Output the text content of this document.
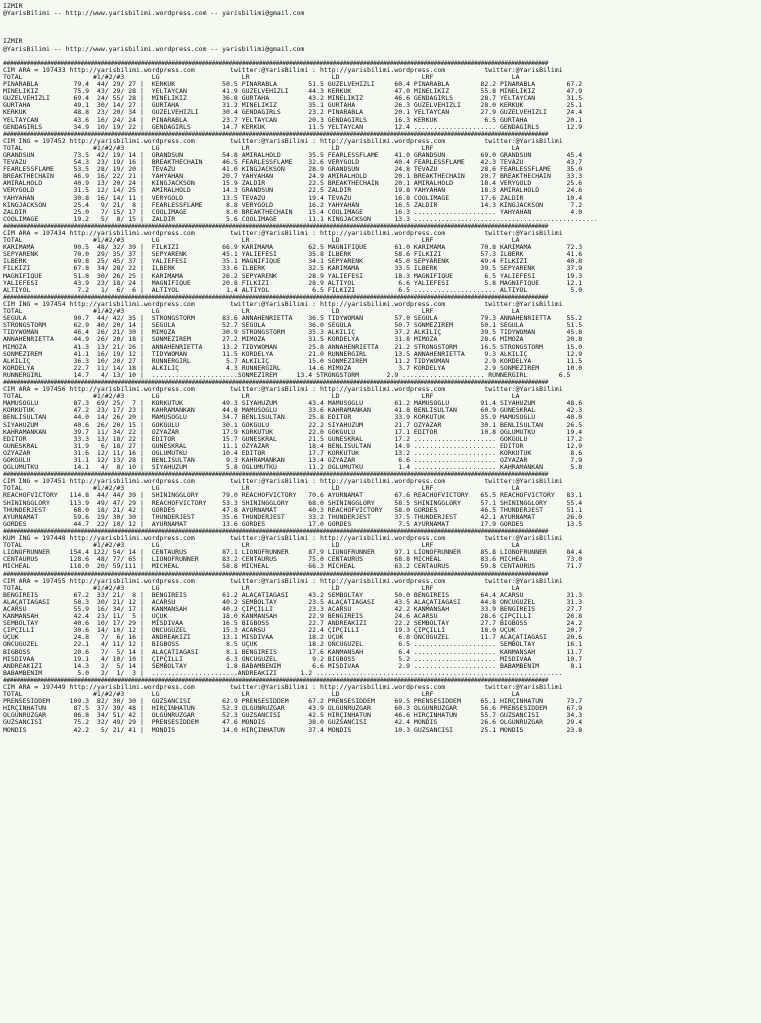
IZMIR
@YarisBilimi -- http://www.yarisbilimi.wordpress.com -- yarisbilimi@gmail.com
IZMIR
@YarisBilimi -- http://www.yarisbilimi.wordpress.com -- yarisbilimi@gmail.com
##################################################################################################################################################################
CIM ARA = 197433 http://yarisbilimi.wordpress.com         twitter:@YarisBilimi : http://yarisbilimi.wordpress.com          twitter:@YarisBilimi
TOTAL                  #1/#2/#3       LG                     LR                     LD                     LRF                    LA
PINARABLA         79.4  44/ 29/ 27 |  KERKÜK            50.5 PINARABLA        51.5 GÜZELVEHIZLI     60.4 PINARABLA        82.2 PINARABLA        67.2
MINELIKIZ         75.9  43/ 29/ 28 |  YELTAYCAN         41.9 GÜZELVEHIZLI     44.3 KERKÜK           47.0 MINELIKIZ        55.8 MINELIKIZ        47.9
GÜZELVEHIZLI      69.4  24/ 55/ 28 |  MINELIKIZ         36.8 GÜRTAHA          43.2 MINELIKIZ        46.6 GENDAGIRLS       28.7 YELTAYCAN        31.5
GÜRTAHA           49.1  30/ 14/ 27 |  GÜRTAHA           31.2 MINELIKIZ        35.1 GÜRTAHA          26.3 GÜZELVEHIZLI     28.0 KERKÜK           25.1
KERKÜK            48.8  23/ 20/ 34 |  GÜZELVEHIZLI      30.4 GENDAGIRLS       23.2 PINARABLA        20.1 YELTAYCAN        27.9 GÜZELVEHIZLI     24.4
YELTAYCAN         43.6  16/ 24/ 24 |  PINARABLA         23.7 YELTAYCAN        20.3 GENDAGIRLS       16.3 KERKÜK            6.5 GÜRTAHA          20.1
GENDAGIRLS        34.9  10/ 19/ 22 |  GENDAGIRLS        14.7 KERKÜK           11.5 YELTAYCAN        12.4 ..................... GENDAGIRLS       12.9
##################################################################################################################################################################
CIM ING = 197452 http://yarisbilimi.wordpress.com         twitter:@YarisBilimi : http://yarisbilimi.wordpress.com          twitter:@YarisBilimi
TOTAL                  #1/#2/#3       LG                     LR                     LD                     LRF                    LA
GRANDSUN          73.5  42/ 19/ 14 |  GRANDSUN          54.8 AMIRALHOLD       35.5 FEARLESSFLAME    41.0 GRANDSUN         69.0 GRANDSUN         45.4
TEVAZU            54.3  23/ 19/ 16 |  BREAKTHECHAIN     46.5 FEARLESSFLAME    32.6 VERYGOLD         40.4 FEARLESSFLAME    42.3 TEVAZU           43.7
FEARLESSFLAME     53.5  28/ 19/ 20 |  TEVAZU            41.0 KINGJACKSON      28.9 GRANDSUN         24.8 TEVAZU           28.6 FEARLESSFLAME    35.0
BREAKTHECHAIN     46.9  16/ 22/ 21 |  YAHYAHAN          20.7 YAHYAHAN         24.9 AMIRALHOLD       20.1 BREAKTHECHAIN    20.7 BREAKTHECHAIN    33.3
AMIRALHOLD        40.9  13/ 20/ 24 |  KINGJACKSON       15.9 ZALDIR           22.5 BREAKTHECHAIN    20.1 AMIRALHOLD       18.4 VERYGOLD         25.6
VERYGOLD          31.5  12/ 14/ 25 |  AMIRALHOLD        14.3 GRANDSUN         22.5 ZALDIR           19.8 YAHYAHAN         18.3 AMIRALHOLD       24.6
YAHYAHAN          30.8  16/ 14/ 11 |  VERYGOLD          13.5 TEVAZU           19.4 TEVAZU           16.8 COOLIMAGE        17.6 ZALDIR           10.4
KINGJACKSON       25.4   9/ 21/  8 |  FEARLESSFLAME      8.8 VERYGOLD         16.2 YAHYAHAN         16.5 ZALDIR           14.3 KINGJACKSON       7.2
ZALDIR            25.0   7/ 15/ 17 |  COOLIMAGE          8.0 BREAKTHECHAIN    15.4 COOLIMAGE        16.3 ..................... YAHYAHAN          4.0
COOLIMAGE         19.2   5/  8/ 15 |  ZALDIR             5.6 COOLIMAGE        11.1 KINGJACKSON      13.3 ...............................................
##################################################################################################################################################################
CIM ARA = 197434 http://yarisbilimi.wordpress.com         twitter:@YarisBilimi : http://yarisbilimi.wordpress.com          twitter:@YarisBilimi
TOTAL                  #1/#2/#3       LG                     LR                     LD                     LRF                    LA
KARIMAMA          90.5  48/ 32/ 39 |  FILKIZI           66.9 KARIMAMA         62.5 MAGNIFIQUE       61.0 KARIMAMA         70.8 KARIMAMA         72.3
SEPYARENK         70.0  29/ 35/ 37 |  SEPYARENK         45.1 YALIEFESI        35.8 ILBERK           58.6 FILKIZI          57.3 ILBERK           41.6
ILBERK            69.8  25/ 45/ 37 |  YALIEFESI         35.1 MAGNIFIQUE       34.1 SEPYARENK        45.0 SEPYARENK        49.4 FILKIZI          40.8
FILKIZI           67.8  34/ 28/ 22 |  ILBERK            33.6 ILBERK           32.5 KARIMAMA         33.5 ILBERK           39.5 SEPYARENK        37.9
MAGNIFIQUE        51.8  30/ 26/ 25 |  KARIMAMA          26.2 SEPYARENK        28.9 YALIEFESI        18.3 MAGNIFIQUE        6.5 YALIEFESI        19.3
YALIEFESI         43.9  23/ 18/ 24 |  MAGNIFIQUE        20.8 FILKIZI          28.9 ALTIYOL           6.6 YALIEFESI         5.8 MAGNIFIQUE       12.1
ALTIYOL            7.2   1/  6/  6 |  ALTIYOL            1.4 ALTIYOL           6.5 FILKIZI           6.5 ..................... ALTIYOL           5.0
##################################################################################################################################################################
CIM ING = 197454 http://yarisbilimi.wordpress.com         twitter:@YarisBilimi : http://yarisbilimi.wordpress.com          twitter:@YarisBilimi
TOTAL                  #1/#2/#3       LG                     LR                     LD                     LRF                    LA
SEGULA            90.7  44/ 42/ 35 |  STRONGSTORM       83.6 ANNAHENRIETTA    36.5 TIDYWOMAN        57.0 SEGULA           79.3 ANNAHENRIETTA    55.2
STRONGSTORM       62.9  40/ 20/ 14 |  SEGULA            52.7 SEGULA           36.0 SEGULA           50.7 SÖNMEZIREM       50.1 SEGULA           51.5
TIDYWOMAN         46.4  26/ 21/ 30 |  MIMOZA            30.9 STRONGSTORM      35.3 ALKILIÇ          37.2 ALKILIÇ          39.5 TIDYWOMAN        45.8
ANNAHENRIETTA     44.9  26/ 20/ 18 |  SÖNMEZIREM        27.2 MIMOZA           31.5 KORDELYA         31.8 MIMOZA           28.6 MIMOZA           20.8
MIMOZA            41.3  13/ 21/ 26 |  ANNAHENRIETTA     13.2 TIDYWOMAN        25.8 ANNAHENRIETTA    21.2 STRONGSTORM      16.5 STRONGSTORM      15.0
SÖNMEZIREM        41.1  16/ 19/ 12 |  TIDYWOMAN         11.5 KORDELYA         21.0 RUNNERGIRL       13.5 ANNAHENRIETTA     9.3 ALKILIÇ          12.9
ALKILIÇ           36.3  10/ 20/ 27 |  RUNNERGIRL         5.7 ALKILIÇ          15.0 SÖNMEZIREM       11.2 TIDYWOMAN         2.9 KORDELYA         11.5
KORDELYA          22.7  11/ 14/ 18 |  ALKILIÇ            4.3 RUNNERGIRL       14.6 MIMOZA            3.7 KORDELYA          2.9 SÖNMEZIREM       10.0
RUNNERGIRL        14.7   4/ 13/ 10 |  ......................SÖNMEZIREM     13.4 STRONGSTORM       2.9 ..................... RUNNERGIRL        6.5
##################################################################################################################################################################
CIM ARA = 197456 http://yarisbilimi.wordpress.com         twitter:@YarisBilimi : http://yarisbilimi.wordpress.com          twitter:@YarisBilimi
TOTAL                  #1/#2/#3       LG                     LR                     LD                     LRF                    LA
MAMUSOGLU         87.3  69/ 25/  7 |  KÖRKÜTÜK          49.3 SIYAHÜZÜM        43.4 MAMUSOGLU        61.2 MAMUSOGLU        91.4 SIYAHÜZÜM        48.6
KÖRKÜTÜK          47.2  23/ 17/ 23 |  KAHRAMANKAN       44.8 MAMUSOGLU        33.6 KAHRAMANKAN      41.8 BENLISULTAN      60.9 GÜNESKRAL        42.3
BENLISULTAN       44.0  14/ 26/ 20 |  MAMUSOGLU         34.7 BENLISULTAN      25.8 EDITÖR           33.9 KÖRKÜTÜK         35.9 MAMUSOGLU        40.0
SIYAHÜZÜM         40.6  26/ 20/ 15 |  GÖKGÜLÜ           30.1 GÖKGÜLÜ          22.2 SIYAHÜZÜM        21.7 ÖZYAZAR          30.1 BENLISULTAN      26.5
KAHRAMANKAN       39.7  11/ 34/ 22 |  ÖZYAZAR           17.9 KÖRKÜTÜK         22.0 GÖKGÜLÜ          17.1 EDITÖR           10.8 OGLUMUTKU        19.4
EDITÖR            33.3  13/ 18/ 22 |  EDITÖR            15.7 GÜNESKRAL        21.5 GÜNESKRAL        17.2 ..................... GÖKGÜLÜ          17.2
GÜNESKRAL         31.9   6/ 18/ 27 |  GÜNESKRAL         11.1 ÖZYAZAR          18.4 BENLISULTAN      14.9 ..................... EDITÖR           12.9
ÖZYAZAR           31.6  12/ 11/ 16 |  OGLUMUTKU         10.4 EDITÖR           17.7 KÖRKÜTÜK         13.2 ..................... KÖRKÜTÜK          8.6
GÖKGÜLÜ           31.1  12/ 13/ 28 |  BENLISULTAN        9.3 KAHRAMANKAN      13.4 ÖZYAZAR           6.6 ..................... ÖZYAZAR           7.9
OGLUMUTKU         14.1   4/  8/ 10 |  SIYAHÜZÜM          5.8 OGLUMUTKU        11.2 OGLUMUTKU         1.4 ..................... KAHRAMANKAN       5.8
##################################################################################################################################################################
CIM ING = 197451 http://yarisbilimi.wordpress.com         twitter:@YarisBilimi : http://yarisbilimi.wordpress.com          twitter:@YarisBilimi
TOTAL                  #1/#2/#3       LG                     LR                     LD                     LRF                    LA
REACHOFVICTORY   114.8  44/ 44/ 39 |  SHININGGLORY      79.0 REACHOFVICTORY   70.6 AYURNAMAT        67.6 REACHOFVICTORY   65.5 REACHOFVICTORY   83.1
SHININGGLORY     113.9  49/ 47/ 29 |  REACHOFVICTORY    53.3 SHININGGLORY     68.0 SHININGGLORY     58.5 SHININGGLORY     57.1 SHININGGLORY     55.4
THUNDERJEST       68.0  18/ 21/ 42 |  GÖRDES            47.8 AYURNAMAT        40.3 REACHOFVICTORY   58.0 GÖRDES           46.5 THUNDERJEST      51.1
AYURNAMAT         59.6  19/ 30/ 30 |  THUNDERJEST       35.6 THUNDERJEST      33.2 THUNDERJEST      37.5 THUNDERJEST      42.1 AYURNAMAT        26.0
GÖRDES            44.7  22/ 10/ 12 |  AYURNAMAT         13.6 GÖRDES           17.0 GÖRDES            7.5 AYURNAMAT        17.9 GÖRDES           13.5
##################################################################################################################################################################
KUM ING = 197448 http://yarisbilimi.wordpress.com         twitter:@YarisBilimi : http://yarisbilimi.wordpress.com          twitter:@YarisBilimi
TOTAL                  #1/#2/#3       LG                     LR                     LD                     LRF                    LA
LIONOFRUNNER     154.4 122/ 54/ 14 |  CENTAURUS         87.1 LIONOFRUNNER     87.9 LIONOFRUNNER     97.1 LIONOFRUNNER     85.8 LIONOFRUNNER     84.4
CENTAURUS        128.6  48/ 77/ 65 |  LIONOFRUNNER      83.2 CENTAURUS        75.0 CENTAURUS        68.8 MICHEAL          83.6 MICHEAL          73.0
MICHEAL          118.0  20/ 59/111 |  MICHEAL           58.8 MICHEAL          66.3 MICHEAL          63.2 CENTAURUS        59.8 CENTAURUS        71.7
##################################################################################################################################################################
CIM ARA = 197455 http://yarisbilimi.wordpress.com         twitter:@YarisBilimi : http://yarisbilimi.wordpress.com          twitter:@YarisBilimi
TOTAL                  #1/#2/#3       LG                     LR                     LD                     LRF                    LA
BENGIREIS         67.2  33/ 21/  8 |  BENGIREIS         61.2 ALAÇATIAGASI     43.2 SEMBOLTAY        50.0 BENGIREIS        64.4 ACARSU           31.3
ALAÇATIAGASI      58.3  30/ 21/ 12 |  ACARSU            40.2 SEMBOLTAY        23.5 ALAÇATIAGASI     43.5 ALAÇATIAGASI     44.8 ÖNCÜGÜZEL        31.3
ACARSU            55.9  16/ 34/ 17 |  KANMANSAH         40.2 ÇIPÇILLI         23.3 ACARSU           42.2 KANMANSAH        33.9 BENGIREIS        27.7
KANMANSAH         42.4  23/ 11/  5 |  UÇUK              18.0 KANMANSAH        22.9 BENGIREIS        24.6 ACARSU           28.6 ÇIPÇILLI         26.8
SEMBOLTAY         40.6  10/ 17/ 29 |  MISDIVAA          16.5 BIGBOSS          22.7 ANDREAKIZI       22.2 SEMBOLTAY        27.7 BIGBOSS          24.2
ÇIPÇILLI          30.6  14/ 10/ 12 |  ÖNCÜGÜZEL         15.3 ACARSU           22.4 ÇIPÇILLI         19.3 ÇIPÇILLI         18.0 UÇUK             20.7
UÇUK              24.8   7/  6/ 16 |  ANDREAKIZI        13.1 MISDIVAA         18.2 UÇUK              6.8 ÖNCÜGÜZEL        11.7 ALAÇATIAGASI     20.6
ÖNCÜGÜZEL         22.1   4/ 11/ 12 |  BIGBOSS            8.5 UÇUK             18.2 ÖNCÜGÜZEL         6.5 ..................... SEMBOLTAY        16.1
BIGBOSS           20.6   7/  5/ 14 |  ALAÇATIAGASI       8.1 BENGIREIS        17.6 KANMANSAH         6.4 ..................... KANMANSAH        11.7
MISDIVAA          19.1   4/ 10/ 10 |  ÇIPÇILLI           6.3 ÖNCÜGÜZEL         9.2 BIGBOSS           5.2 ..................... MISDIVAA         10.7
ANDREAKIZI        14.3   2/  5/ 14 |  SEMBOLTAY          1.8 BABAMBENIM        6.6 MISDIVAA          2.9 ..................... BABAMBENIM        8.1
BABAMBENIM         5.0   2/  1/  3 |  ......................ANDREAKIZI      1.2 ...............................................................
##################################################################################################################################################################
CIM ARA = 197449 http://yarisbilimi.wordpress.com         twitter:@YarisBilimi : http://yarisbilimi.wordpress.com          twitter:@YarisBilimi
TOTAL                  #1/#2/#3       LG                     LR                     LD                     LRF                    LA
PRENSESIDDEM     109.3  82/ 30/ 30 |  GÜZSANCISI        62.9 PRENSESIDDEM     67.2 PRENSESIDDEM     69.5 PRENSESIDDEM     65.1 HIRÇINHATUN      73.7
HIRÇINHATUN       87.5  37/ 39/ 48 |  HIRÇINHATUN       52.3 OLGUNRÜZGAR      43.9 OLGUNRÜZGAR      60.3 OLGUNRÜZGAR      56.6 PRENSESIDDEM     67.9
OLGUNRÜZGAR       86.8  34/ 51/ 42 |  OLGUNRÜZGAR       52.3 GÜZSANCISI       42.5 HIRÇINHATUN      46.6 HIRÇINHATUN      55.7 GÜZSANCISI       34.3
GÜZSANCISI        75.2  32/ 49/ 29 |  PRENSESIDDEM      47.6 MONDIS           38.0 GÜZSANCISI       42.4 MONDIS           26.6 OLGUNRÜZGAR      29.4
MONDIS            42.2   5/ 21/ 41 |  MONDIS            14.0 HIRÇINHATUN      37.4 MONDIS           10.3 GÜZSANCISI       25.1 MONDIS           23.8
